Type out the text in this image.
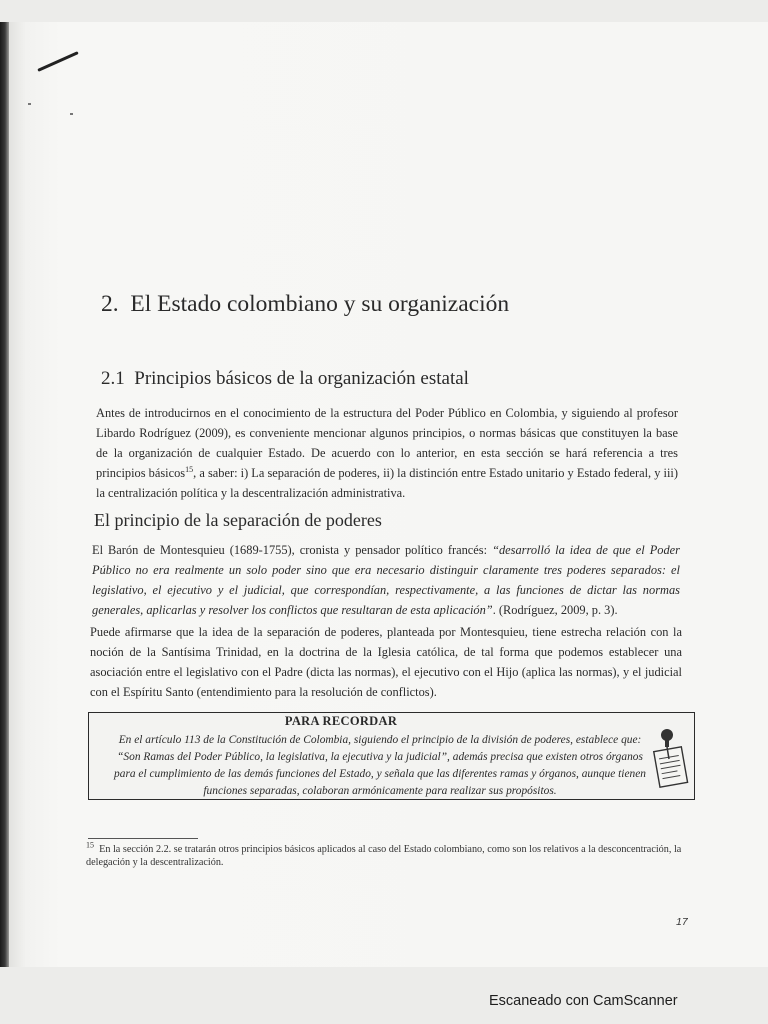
2. El Estado colombiano y su organización
2.1 Principios básicos de la organización estatal

Antes de introducirnos en el conocimiento de la estructura del Poder Público en Colombia, y siguiendo al profesor Libardo Rodríguez (2009), es conveniente mencionar algunos principios, o normas básicas que constituyen la base de la organización de cualquier Estado. De acuerdo con lo anterior, en esta sección se hará referencia a tres principios básicos$^{15}$, a saber: i) La separación de poderes, ii) la distinción entre Estado unitario y Estado federal, y iii) la centralización política y la descentralización administrativa.

El principio de la separación de poderes

El Barón de Montesquieu (1689-1755), cronista y pensador político francés: “desarrolló la idea de que el Poder Público no era realmente un solo poder sino que era necesario distinguir claramente tres poderes separados: el legislativo, el ejecutivo y el judicial, que correspondían, respectivamente, a las funciones de dictar las normas generales, aplicarlas y resolver los conflictos que resultaran de esta aplicación”. (Rodríguez, 2009, p. 3).

Puede afirmarse que la idea de la separación de poderes, planteada por Montesquieu, tiene estrecha relación con la noción de la Santísima Trinidad, en la doctrina de la Iglesia católica, de tal forma que podemos establecer una asociación entre el legislativo con el Padre (dicta las normas), el ejecutivo con el Hijo (aplica las normas), y el judicial con el Espíritu Santo (entendimiento para la resolución de conflictos).

PARA RECORDAR

En el artículo 113 de la Constitución de Colombia, siguiendo el principio de la división de poderes, establece que: “Son Ramas del Poder Público, la legislativa, la ejecutiva y la judicial”, además precisa que existen otros órganos para el cumplimiento de las demás funciones del Estado, y señala que las diferentes ramas y órganos, aunque tienen funciones separadas, colaboran armónicamente para realizar sus propósitos.

$^{15}$ En la sección 2.2. se tratarán otros principios básicos aplicados al caso del Estado colombiano, como son los relativos a la desconcentración, la delegación y la descentralización.

17
Escaneado con CamScanner
